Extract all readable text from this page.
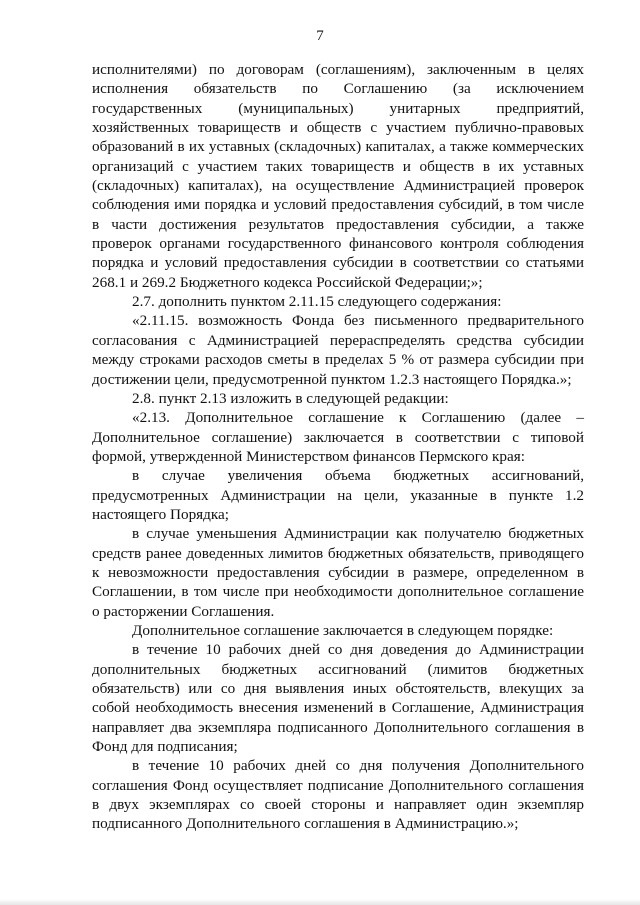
7

исполнителями) по договорам (соглашениям), заключенным в целях исполнения обязательств по Соглашению (за исключением государственных (муниципальных) унитарных предприятий, хозяйственных товариществ и обществ с участием публично-правовых образований в их уставных (складочных) капиталах, а также коммерческих организаций с участием таких товариществ и обществ в их уставных (складочных) капиталах), на осуществление Администрацией проверок соблюдения ими порядка и условий предоставления субсидий, в том числе в части достижения результатов предоставления субсидии, а также проверок органами государственного финансового контроля соблюдения порядка и условий предоставления субсидии в соответствии со статьями 268.1 и 269.2 Бюджетного кодекса Российской Федерации;»;

2.7. дополнить пунктом 2.11.15 следующего содержания:

«2.11.15. возможность Фонда без письменного предварительного согласования с Администрацией перераспределять средства субсидии между строками расходов сметы в пределах 5 % от размера субсидии при достижении цели, предусмотренной пунктом 1.2.3 настоящего Порядка.»;

2.8. пункт 2.13 изложить в следующей редакции:

«2.13. Дополнительное соглашение к Соглашению (далее – Дополнительное соглашение) заключается в соответствии с типовой формой, утвержденной Министерством финансов Пермского края:

в случае увеличения объема бюджетных ассигнований, предусмотренных Администрации на цели, указанные в пункте 1.2 настоящего Порядка;

в случае уменьшения Администрации как получателю бюджетных средств ранее доведенных лимитов бюджетных обязательств, приводящего к невозможности предоставления субсидии в размере, определенном в Соглашении, в том числе при необходимости дополнительное соглашение о расторжении Соглашения.

Дополнительное соглашение заключается в следующем порядке:

в течение 10 рабочих дней со дня доведения до Администрации дополнительных бюджетных ассигнований (лимитов бюджетных обязательств) или со дня выявления иных обстоятельств, влекущих за собой необходимость внесения изменений в Соглашение, Администрация направляет два экземпляра подписанного Дополнительного соглашения в Фонд для подписания;

в течение 10 рабочих дней со дня получения Дополнительного соглашения Фонд осуществляет подписание Дополнительного соглашения в двух экземплярах со своей стороны и направляет один экземпляр подписанного Дополнительного соглашения в Администрацию.»;
